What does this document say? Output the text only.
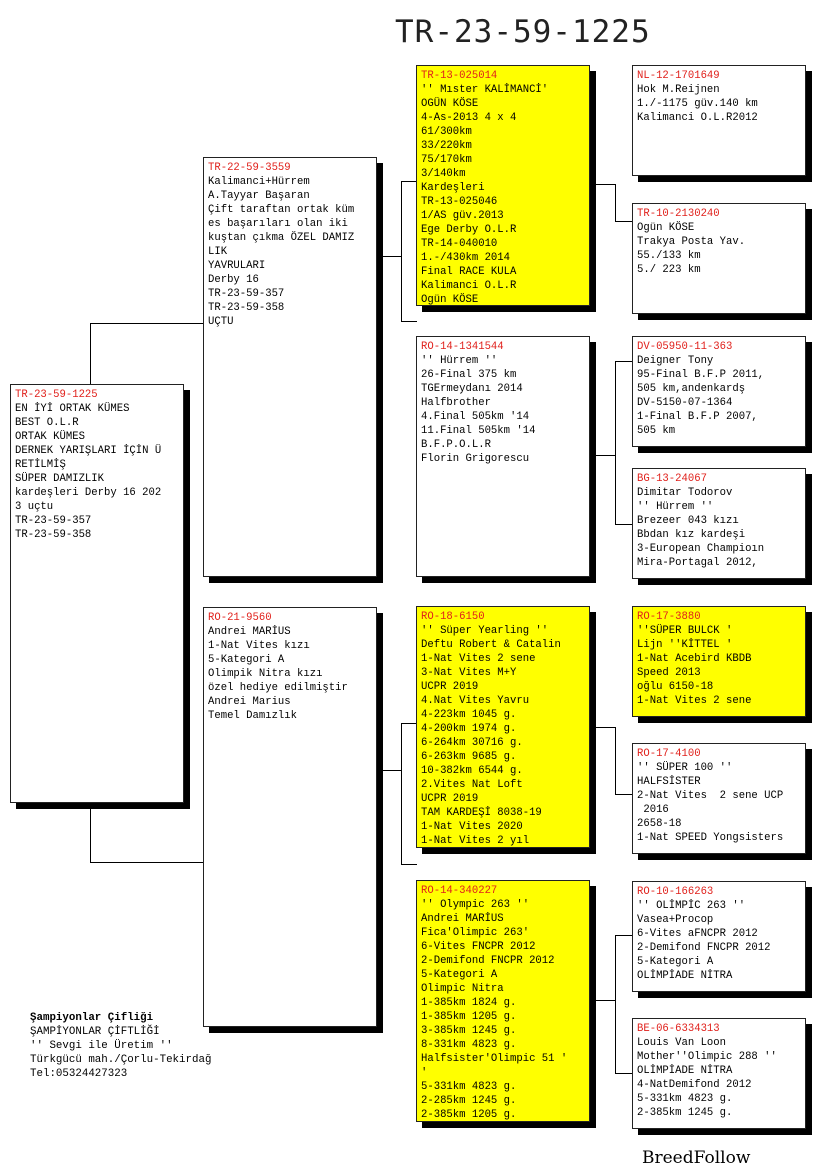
TR-23-59-1225
TR-23-59-1225
EN İYİ ORTAK KÜMES
BEST O.L.R
ORTAK KÜMES
DERNEK YARIŞLARI İÇİN Ü
RETİLMİŞ
SÜPER DAMIZLIK
kardeşleri Derby 16 202
3 uçtu
TR-23-59-357
TR-23-59-358
TR-22-59-3559
Kalimanci+Hürrem
A.Tayyar Başaran
Çift taraftan ortak küm
es başarıları olan iki
kuştan çıkma ÖZEL DAMIZ
LIK
YAVRULARI
Derby 16
TR-23-59-357
TR-23-59-358
UÇTU
RO-21-9560
Andrei MARİUS
1-Nat Vites kızı
5-Kategori A
Olimpik Nitra kızı
özel hediye edilmiştir
Andrei Marius
Temel Damızlık
TR-13-025014
'' Mıster KALİMANCİ'
OGÜN KÖSE
4-As-2013 4 x 4
61/300km
33/220km
75/170km
3/140km
Kardeşleri
TR-13-025046
1/AS güv.2013
Ege Derby O.L.R
TR-14-040010
1.-/430km 2014
Final RACE KULA
Kalimanci O.L.R
Ogün KÖSE
RO-14-1341544
'' Hürrem ''
26-Final 375 km
TGErmeydanı 2014
Halfbrother
4.Final 505km '14
11.Final 505km '14
B.F.P.O.L.R
Florin Grigorescu
RO-18-6150
'' Süper Yearling ''
Deftu Robert & Catalin
1-Nat Vites 2 sene
3-Nat Vites M+Y
UCPR 2019
4.Nat Vites Yavru
4-223km 1045 g.
4-200km 1974 g.
6-264km 30716 g.
6-263km 9685 g.
10-382km 6544 g.
2.Vites Nat Loft
UCPR 2019
TAM KARDEŞİ 8038-19
1-Nat Vites 2020
1-Nat Vites 2 yıl
RO-14-340227
'' Olympic 263 ''
Andrei MARİUS
Fica'Olimpic 263'
6-Vites FNCPR 2012
2-Demifond FNCPR 2012
5-Kategori A
Olimpic Nitra
1-385km 1824 g.
1-385km 1205 g.
3-385km 1245 g.
8-331km 4823 g.
Halfsister'Olimpic 51 '
'
5-331km 4823 g.
2-285km 1245 g.
2-385km 1205 g.
NL-12-1701649
Hok M.Reijnen
1./-1175 güv.140 km
Kalimanci O.L.R2012
TR-10-2130240
Ogün KÖSE
Trakya Posta Yav.
55./133 km
5./ 223 km
DV-05950-11-363
Deigner Tony
95-Final B.F.P 2011,
505 km,andenkardş
DV-5150-07-1364
1-Final B.F.P 2007,
505 km
BG-13-24067
Dimitar Todorov
'' Hürrem ''
Brezeer 043 kızı
Bbdan kız kardeşi
3-European Champioın
Mira-Portagal 2012,
RO-17-3880
''SÜPER BULCK '
Lijn ''KİTTEL '
1-Nat Acebird KBDB
Speed 2013
oğlu 6150-18
1-Nat Vites 2 sene
RO-17-4100
'' SÜPER 100 ''
HALFSİSTER
2-Nat Vites  2 sene UCP
2016
2658-18
1-Nat SPEED Yongsisters
RO-10-166263
'' OLİMPİC 263 ''
Vasea+Procop
6-Vites aFNCPR 2012
2-Demifond FNCPR 2012
5-Kategori A
OLİMPİADE NİTRA
BE-06-6334313
Louis Van Loon
Mother''Olimpic 288 ''
OLİMPİADE NİTRA
4-NatDemifond 2012
5-331km 4823 g.
2-385km 1245 g.
Şampiyonlar Çifliği
ŞAMPİYONLAR ÇİFTLİĞİ
'' Sevgi ile Üretim ''
Türkgücü mah./Çorlu-Tekirdağ
Tel:05324427323
BreedFollow
